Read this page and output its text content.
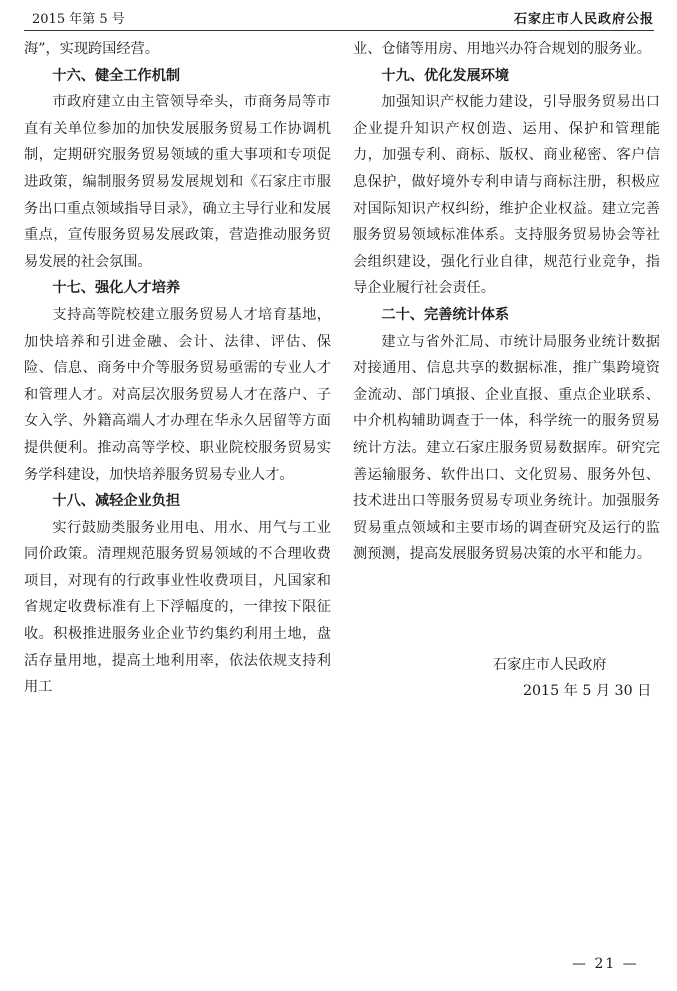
2015 年第 5 号	石家庄市人民政府公报

海”，实现跨国经营。

十六、健全工作机制

市政府建立由主管领导牵头，市商务局等市直有关单位参加的加快发展服务贸易工作协调机制，定期研究服务贸易领域的重大事项和专项促进政策，编制服务贸易发展规划和《石家庄市服务出口重点领域指导目录》，确立主导行业和发展重点，宣传服务贸易发展政策，营造推动服务贸易发展的社会氛围。

十七、强化人才培养

支持高等院校建立服务贸易人才培育基地，加快培养和引进金融、会计、法律、评估、保险、信息、商务中介等服务贸易亟需的专业人才和管理人才。对高层次服务贸易人才在落户、子女入学、外籍高端人才办理在华永久居留等方面提供便利。推动高等学校、职业院校服务贸易实务学科建设，加快培养服务贸易专业人才。

十八、减轻企业负担

实行鼓励类服务业用电、用水、用气与工业同价政策。清理规范服务贸易领域的不合理收费项目，对现有的行政事业性收费项目，凡国家和省规定收费标准有上下浮幅度的，一律按下限征收。积极推进服务业企业节约集约利用土地，盘活存量用地，提高土地利用率，依法依规支持利用工

业、仓储等用房、用地兴办符合规划的服务业。

十九、优化发展环境

加强知识产权能力建设，引导服务贸易出口企业提升知识产权创造、运用、保护和管理能力，加强专利、商标、版权、商业秘密、客户信息保护，做好境外专利申请与商标注册，积极应对国际知识产权纠纷，维护企业权益。建立完善服务贸易领域标准体系。支持服务贸易协会等社会组织建设，强化行业自律，规范行业竞争，指导企业履行社会责任。

二十、完善统计体系

建立与省外汇局、市统计局服务业统计数据对接通用、信息共享的数据标准，推广集跨境资金流动、部门填报、企业直报、重点企业联系、中介机构辅助调查于一体，科学统一的服务贸易统计方法。建立石家庄服务贸易数据库。研究完善运输服务、软件出口、文化贸易、服务外包、技术进出口等服务贸易专项业务统计。加强服务贸易重点领域和主要市场的调查研究及运行的监测预测，提高发展服务贸易决策的水平和能力。

石家庄市人民政府
2015 年 5 月 30 日
— 21 —
